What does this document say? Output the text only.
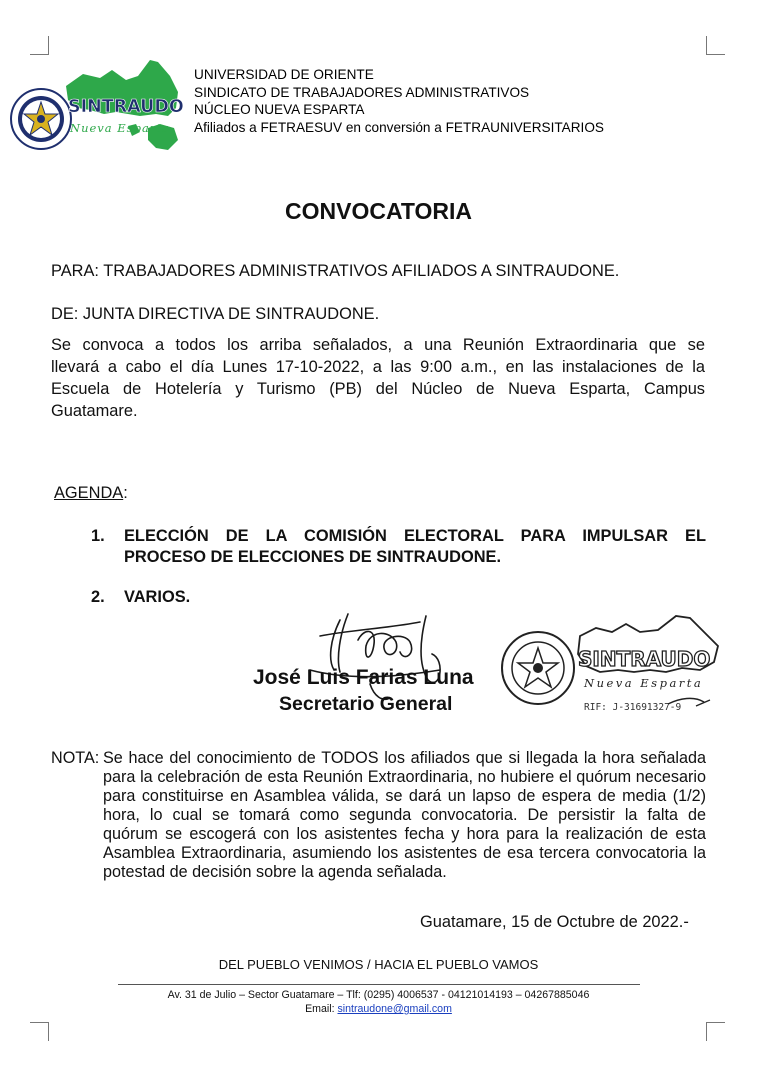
SINTRAUDO
Nueva Esparta
UNIVERSIDAD DE ORIENTE
SINDICATO DE TRABAJADORES ADMINISTRATIVOS
NÚCLEO NUEVA ESPARTA
Afiliados a FETRAESUV en conversión a FETRAUNIVERSITARIOS
CONVOCATORIA
PARA: TRABAJADORES ADMINISTRATIVOS AFILIADOS A SINTRAUDONE.
DE: JUNTA DIRECTIVA DE SINTRAUDONE.
Se convoca a todos los arriba señalados, a una Reunión Extraordinaria que se
llevará a cabo el día Lunes 17-10-2022, a las 9:00 a.m., en las instalaciones de la
Escuela de Hotelería y Turismo (PB) del Núcleo de Nueva Esparta, Campus
Guatamare.
AGENDA:
1. ELECCIÓN DE LA COMISIÓN ELECTORAL PARA IMPULSAR EL
PROCESO DE ELECCIONES DE SINTRAUDONE.
2. VARIOS.
José Luis Farias Luna
Secretario General
SINTRAUDO
Nueva Esparta
RIF: J-31691327-9
NOTA: Se hace del conocimiento de TODOS los afiliados que si llegada la hora señalada
para la celebración de esta Reunión Extraordinaria, no hubiere el quórum necesario
para constituirse en Asamblea válida, se dará un lapso de espera de media (1/2)
hora, lo cual se tomará como segunda convocatoria. De persistir la falta de
quórum se escogerá con los asistentes fecha y hora para la realización de esta
Asamblea Extraordinaria, asumiendo los asistentes de esa tercera convocatoria la
potestad de decisión sobre la agenda señalada.
Guatamare, 15 de Octubre de 2022.-
DEL PUEBLO VENIMOS / HACIA EL PUEBLO VAMOS
Av. 31 de Julio – Sector Guatamare – Tlf: (0295) 4006537 - 04121014193 – 04267885046
Email: sintraudone@gmail.com
